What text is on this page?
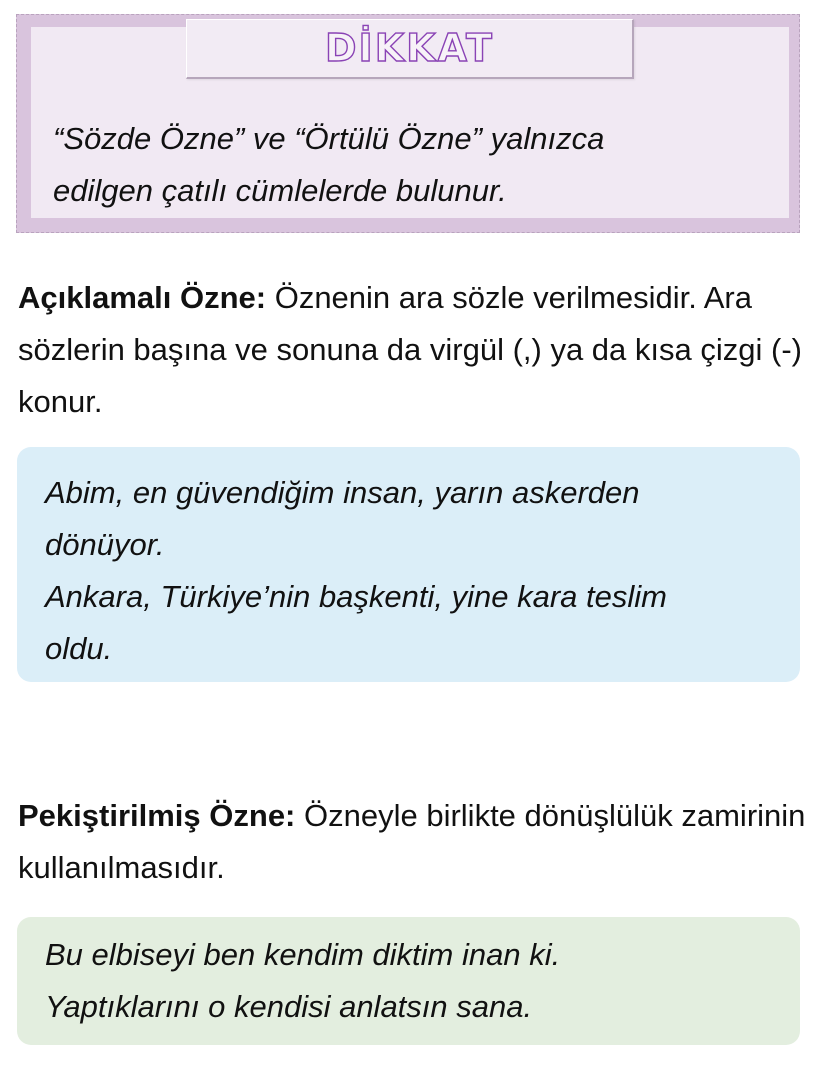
“Sözde Özne” ve “Örtülü Özne” yalnızca
edilgen çatılı cümlelerde bulunur.
DİKKAT
Açıklamalı Özne: Öznenin ara sözle verilmesidir. Ara sözlerin başına ve sonuna da virgül (,) ya da kısa çizgi (-) konur.
Abim, en güvendiğim insan, yarın askerden
dönüyor.
Ankara, Türkiye’nin başkenti, yine kara teslim
oldu.
Pekiştirilmiş Özne: Özneyle birlikte dönüşlülük zamirinin kullanılmasıdır.
Bu elbiseyi ben kendim diktim inan ki.
Yaptıklarını o kendisi anlatsın sana.
